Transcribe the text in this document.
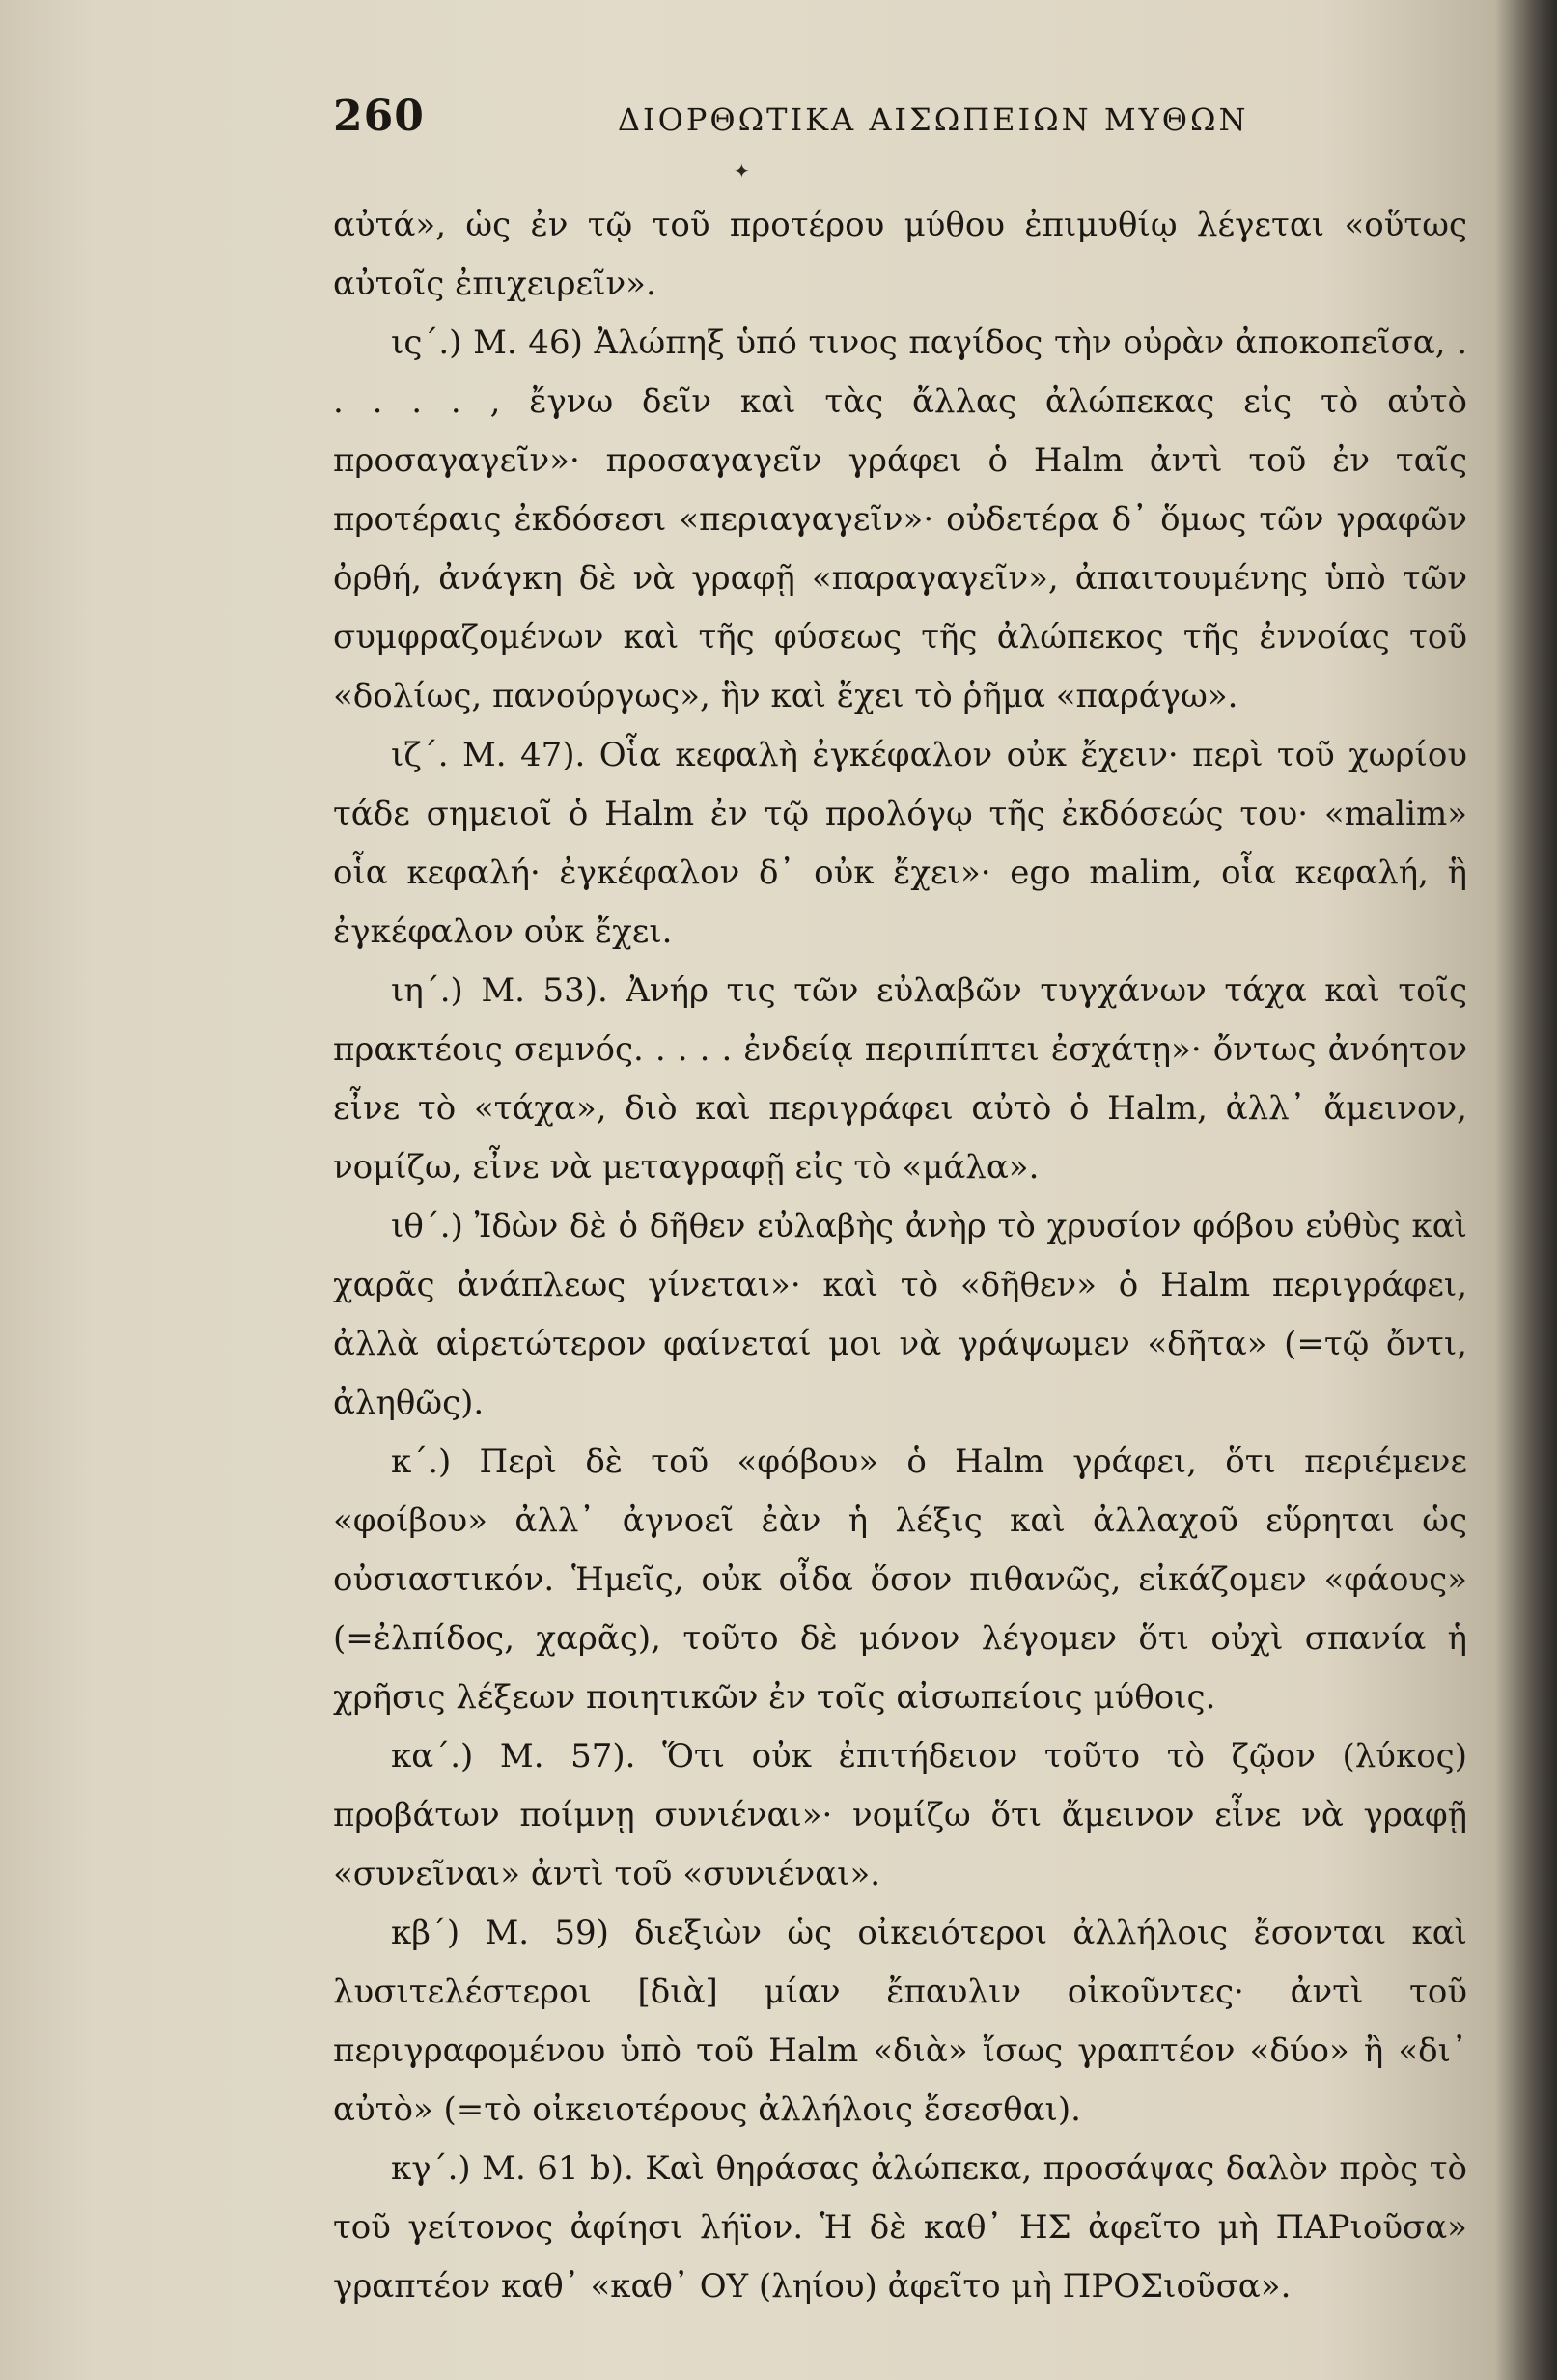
260	ΔΙΟΡΘΩΤΙΚΑ ΑΙΣΩΠΕΙΩΝ ΜΥΘΩΝ
✦

αὐτά», ὡς ἐν τῷ τοῦ προτέρου μύθου ἐπιμυθίῳ λέγεται «οὕτως αὐτοῖς ἐπιχειρεῖν».

ις΄.) Μ. 46) Ἀλώπηξ ὑπό τινος παγίδος τὴν οὐρὰν ἀποκοπεῖσα, . . . . . , ἔγνω δεῖν καὶ τὰς ἄλλας ἀλώπεκας εἰς τὸ αὐτὸ προσαγαγεῖν»· προσαγαγεῖν γράφει ὁ Halm ἀντὶ τοῦ ἐν ταῖς προτέραις ἐκδόσεσι «περιαγαγεῖν»· οὐδετέρα δ᾽ ὅμως τῶν γραφῶν ὀρθή, ἀνάγκη δὲ νὰ γραφῇ «παραγαγεῖν», ἀπαιτουμένης ὑπὸ τῶν συμφραζομένων καὶ τῆς φύσεως τῆς ἀλώπεκος τῆς ἐννοίας τοῦ «δολίως, πανούργως», ἣν καὶ ἔχει τὸ ῥῆμα «παράγω».

ιζ΄. Μ. 47). Οἷα κεφαλὴ ἐγκέφαλον οὐκ ἔχειν· περὶ τοῦ χωρίου τάδε σημειοῖ ὁ Halm ἐν τῷ προλόγῳ τῆς ἐκδόσεώς του· «malim» οἷα κεφαλή· ἐγκέφαλον δ᾽ οὐκ ἔχει»· ego malim, οἷα κεφαλή, ἣ ἐγκέφαλον οὐκ ἔχει.

ιη΄.) Μ. 53). Ἀνήρ τις τῶν εὐλαβῶν τυγχάνων τάχα καὶ τοῖς πρακτέοις σεμνός. . . . . ἐνδείᾳ περιπίπτει ἐσχάτῃ»· ὄντως ἀνόητον εἶνε τὸ «τάχα», διὸ καὶ περιγράφει αὐτὸ ὁ Halm, ἀλλ᾽ ἄμεινον, νομίζω, εἶνε νὰ μεταγραφῇ εἰς τὸ «μάλα».

ιθ΄.) Ἰδὼν δὲ ὁ δῆθεν εὐλαβὴς ἀνὴρ τὸ χρυσίον φόβου εὐθὺς καὶ χαρᾶς ἀνάπλεως γίνεται»· καὶ τὸ «δῆθεν» ὁ Halm περιγράφει, ἀλλὰ αἱρετώτερον φαίνεταί μοι νὰ γράψωμεν «δῆτα» (=τῷ ὄντι, ἀληθῶς).

κ΄.) Περὶ δὲ τοῦ «φόβου» ὁ Halm γράφει, ὅτι περιέμενε «φοίβου» ἀλλ᾽ ἀγνοεῖ ἐὰν ἡ λέξις καὶ ἀλλαχοῦ εὕρηται ὡς οὐσιαστικόν. Ἡμεῖς, οὐκ οἶδα ὅσον πιθανῶς, εἰκάζομεν «φάους» (=ἐλπίδος, χαρᾶς), τοῦτο δὲ μόνον λέγομεν ὅτι οὐχὶ σπανία ἡ χρῆσις λέξεων ποιητικῶν ἐν τοῖς αἰσωπείοις μύθοις.

κα΄.) Μ. 57). Ὅτι οὐκ ἐπιτήδειον τοῦτο τὸ ζῷον (λύκος) προβάτων ποίμνῃ συνιέναι»· νομίζω ὅτι ἄμεινον εἶνε νὰ γραφῇ «συνεῖναι» ἀντὶ τοῦ «συνιέναι».

κβ΄) Μ. 59) διεξιὼν ὡς οἰκειότεροι ἀλλήλοις ἔσονται καὶ λυσιτελέστεροι [διὰ] μίαν ἔπαυλιν οἰκοῦντες· ἀντὶ τοῦ περιγραφομένου ὑπὸ τοῦ Halm «διὰ» ἴσως γραπτέον «δύο» ἢ «δι᾽ αὐτὸ» (=τὸ οἰκειοτέρους ἀλλήλοις ἔσεσθαι).

κγ΄.) Μ. 61 b). Καὶ θηράσας ἀλώπεκα, προσάψας δαλὸν πρὸς τὸ τοῦ γείτονος ἀφίησι λήϊον. Ἡ δὲ καθ᾽ ΗΣ ἀφεῖτο μὴ ΠΑΡιοῦσα» γραπτέον καθ᾽ «καθ᾽ ΟΥ (ληίου) ἀφεῖτο μὴ ΠΡΟΣιοῦσα».
